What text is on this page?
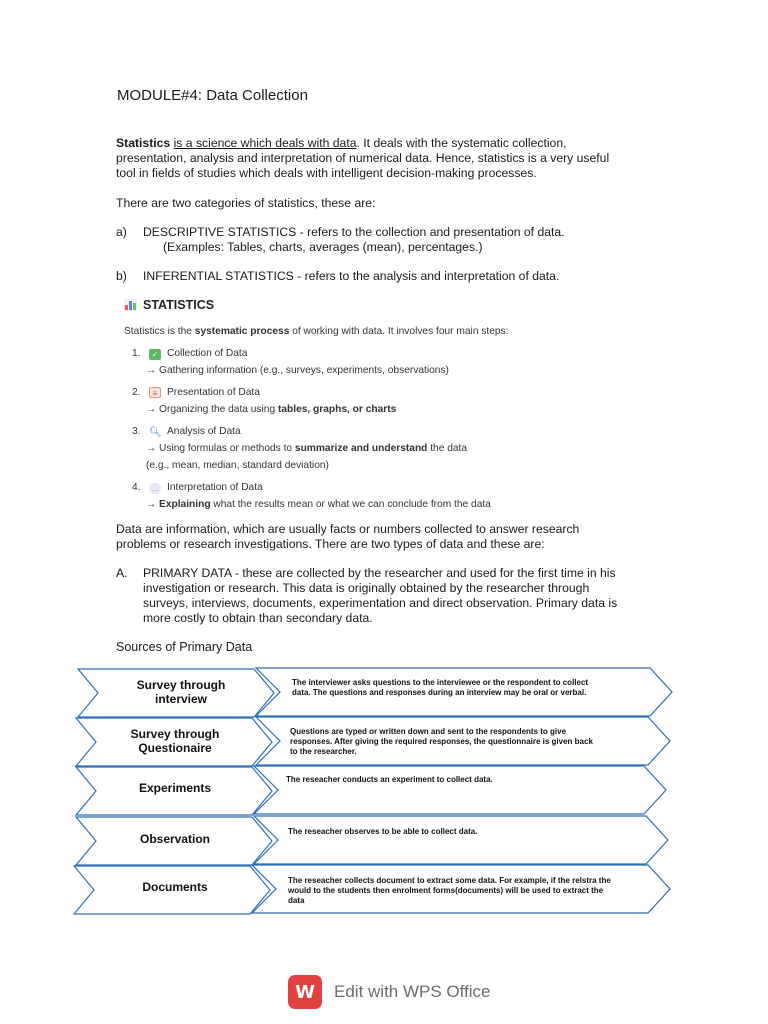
MODULE#4: Data Collection
Statistics is a science which deals with data. It deals with the systematic collection,
presentation, analysis and interpretation of numerical data. Hence, statistics is a very useful
tool in fields of studies which deals with intelligent decision-making processes.
There are two categories of statistics, these are:
a) DESCRIPTIVE STATISTICS - refers to the collection and presentation of data.
(Examples: Tables, charts, averages (mean), percentages.)
b) INFERENTIAL STATISTICS - refers to the analysis and interpretation of data.
STATISTICS
Statistics is the systematic process of working with data. It involves four main steps:
1. ✓ Collection of Data
→ Gathering information (e.g., surveys, experiments, observations)
2. ≡ Presentation of Data
→ Organizing the data using tables, graphs, or charts
3. 🔍︎ Analysis of Data
→ Using formulas or methods to summarize and understand the data
(e.g., mean, median, standard deviation)
4. … Interpretation of Data
→ Explaining what the results mean or what we can conclude from the data
Data are information, which are usually facts or numbers collected to answer research
problems or research investigations. There are two types of data and these are:
A. PRIMARY DATA - these are collected by the researcher and used for the first time in his
investigation or research. This data is originally obtained by the researcher through
surveys, interviews, documents, experimentation and direct observation. Primary data is
more costly to obtain than secondary data.
Sources of Primary Data
Survey through
interview
Survey through
Questionaire
Experiments
Observation
Documents
The interviewer asks questions to the interviewee or the respondent to collect
data. The questions and responses during an interview may be oral or verbal.
Questions are typed or written down and sent to the respondents to give
responses. After giving the required responses, the questionnaire is given back
to the researcher.
The reseacher conducts an experiment to collect data.
The reseacher observes to be able to collect data.
The reseacher collects document to extract some data. For example, if the relstra the
would to the students then enrolment forms(documents) will be used to extract the
data
W Edit with WPS Office
